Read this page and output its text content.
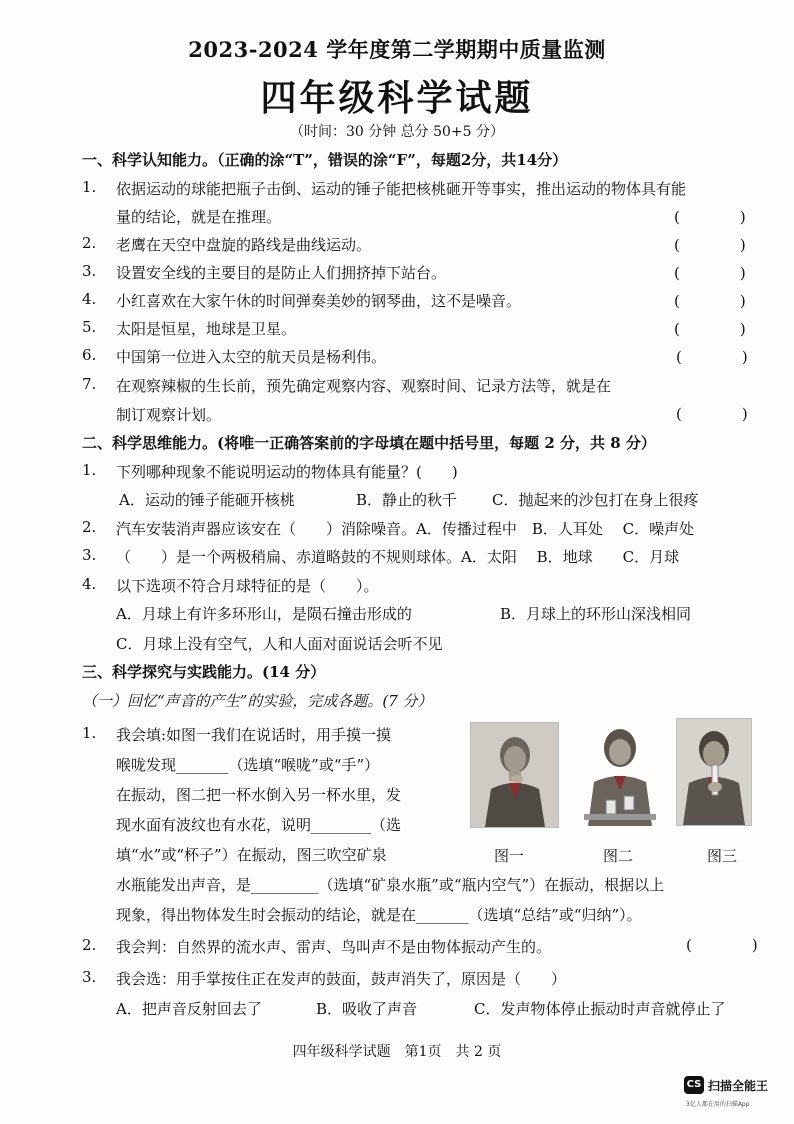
2023-2024 学年度第二学期期中质量监测
四年级科学试题
（时间：30 分钟 总分 50+5 分）
一、科学认知能力。（正确的涂“T”，错误的涂“F”，每题2分，共14分）
1. 依据运动的球能把瓶子击倒、运动的锤子能把核桃砸开等事实，推出运动的物体具有能
量的结论，就是在推理。	(　　)
2. 老鹰在天空中盘旋的路线是曲线运动。	(　　)
3. 设置安全线的主要目的是防止人们拥挤掉下站台。	(　　)
4. 小红喜欢在大家午休的时间弹奏美妙的钢琴曲，这不是噪音。	(　　)
5. 太阳是恒星，地球是卫星。	(　　)
6. 中国第一位进入太空的航天员是杨利伟。	(　　)
7. 在观察辣椒的生长前，预先确定观察内容、观察时间、记录方法等，就是在
制订观察计划。	(　　)
二、科学思维能力。(将唯一正确答案前的字母填在题中括号里，每题 2 分，共 8 分）
1. 下列哪种现象不能说明运动的物体具有能量？(　　)
A．运动的锤子能砸开核桃	B．静止的秋千 C．抛起来的沙包打在身上很疼
2. 汽车安装消声器应该安在（　　）消除噪音。A．传播过程中　B．人耳处　 C．噪声处
3. （　　）是一个两极稍扁、赤道略鼓的不规则球体。A．太阳　 B．地球　　C．月球
4. 以下选项不符合月球特征的是（　　）。
A．月球上有许多环形山，是陨石撞击形成的	B．月球上的环形山深浅相同
C．月球上没有空气，人和人面对面说话会听不见
三、科学探究与实践能力。(14 分）
（一）回忆“声音的产生”的实验，完成各题。(7 分）
1. 我会填:如图一我们在说话时，用手摸一摸
喉咙发现_______（选填“喉咙”或“手”）
在振动，图二把一杯水倒入另一杯水里，发
现水面有波纹也有水花，说明________（选
填“水”或“杯子”）在振动，图三吹空矿泉
水瓶能发出声音，是_________（选填“矿泉水瓶”或“瓶内空气”）在振动，根据以上
现象，得出物体发生时会振动的结论，就是在_______（选填“总结”或“归纳”）。
图一	图二	图三
2. 我会判：自然界的流水声、雷声、鸟叫声不是由物体振动产生的。	(　　)
3. 我会选：用手掌按住正在发声的鼓面，鼓声消失了，原因是（　　）
A．把声音反射回去了	B．吸收了声音	C．发声物体停止振动时声音就停止了
四年级科学试题　第1页　共 2 页
CS 扫描全能王
3亿人都在用的扫描App
